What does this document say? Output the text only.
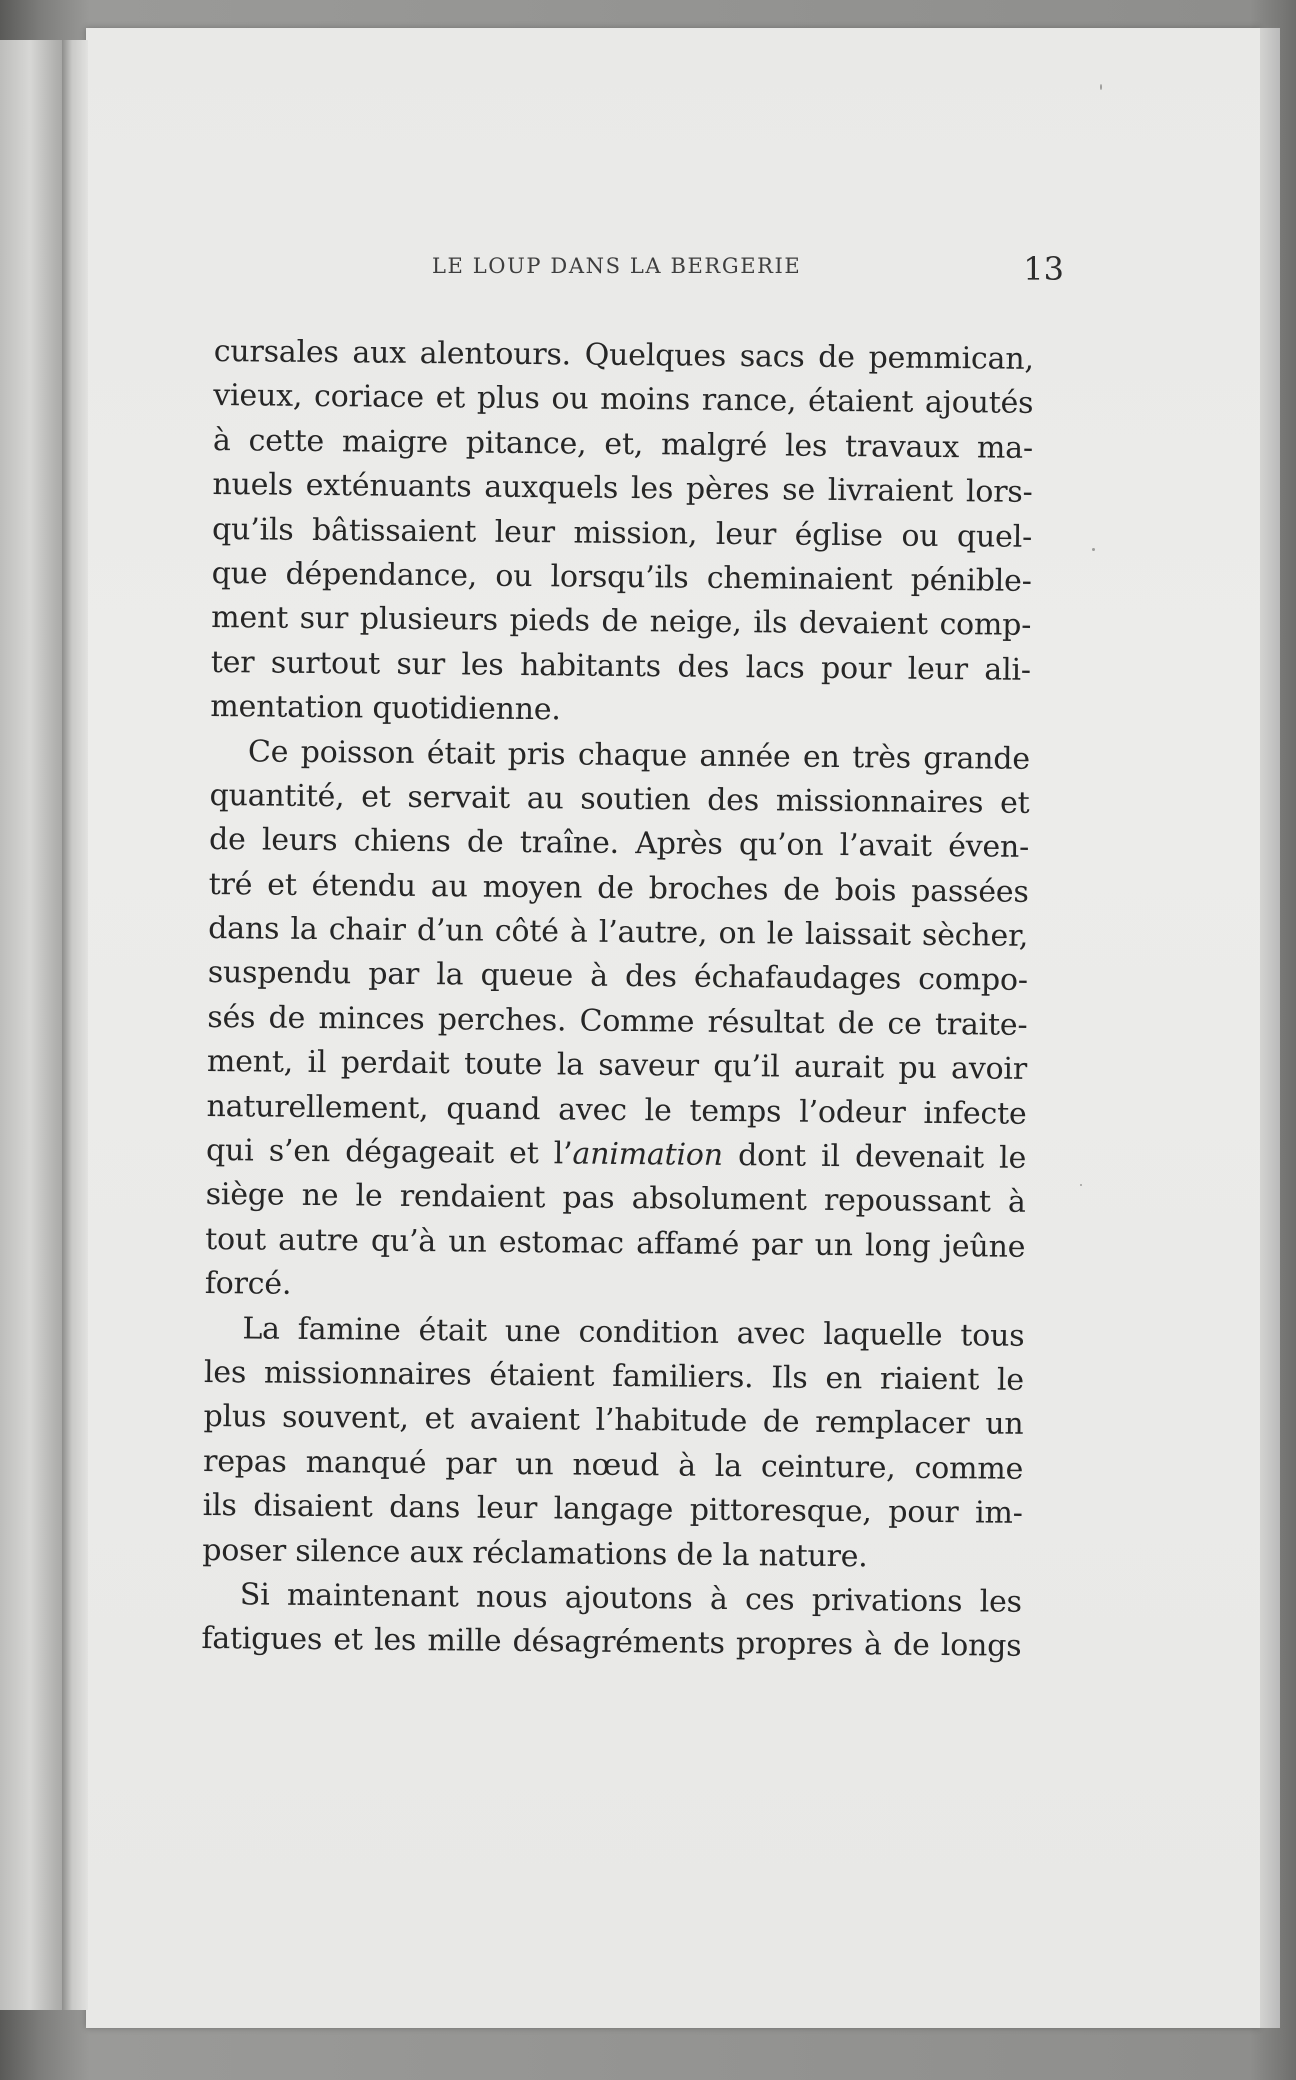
LE LOUP DANS LA BERGERIE	13
cursales aux alentours. Quelques sacs de pemmican,
vieux, coriace et plus ou moins rance, étaient ajoutés
à cette maigre pitance, et, malgré les travaux ma-
nuels exténuants auxquels les pères se livraient lors-
qu’ils bâtissaient leur mission, leur église ou quel-
que dépendance, ou lorsqu’ils cheminaient pénible-
ment sur plusieurs pieds de neige, ils devaient comp-
ter surtout sur les habitants des lacs pour leur ali-
mentation quotidienne.
Ce poisson était pris chaque année en très grande
quantité, et servait au soutien des missionnaires et
de leurs chiens de traîne. Après qu’on l’avait éven-
tré et étendu au moyen de broches de bois passées
dans la chair d’un côté à l’autre, on le laissait sècher,
suspendu par la queue à des échafaudages compo-
sés de minces perches. Comme résultat de ce traite-
ment, il perdait toute la saveur qu’il aurait pu avoir
naturellement, quand avec le temps l’odeur infecte
qui s’en dégageait et l’animation dont il devenait le
siège ne le rendaient pas absolument repoussant à
tout autre qu’à un estomac affamé par un long jeûne
forcé.
La famine était une condition avec laquelle tous
les missionnaires étaient familiers. Ils en riaient le
plus souvent, et avaient l’habitude de remplacer un
repas manqué par un nœud à la ceinture, comme
ils disaient dans leur langage pittoresque, pour im-
poser silence aux réclamations de la nature.
Si maintenant nous ajoutons à ces privations les
fatigues et les mille désagréments propres à de longs
